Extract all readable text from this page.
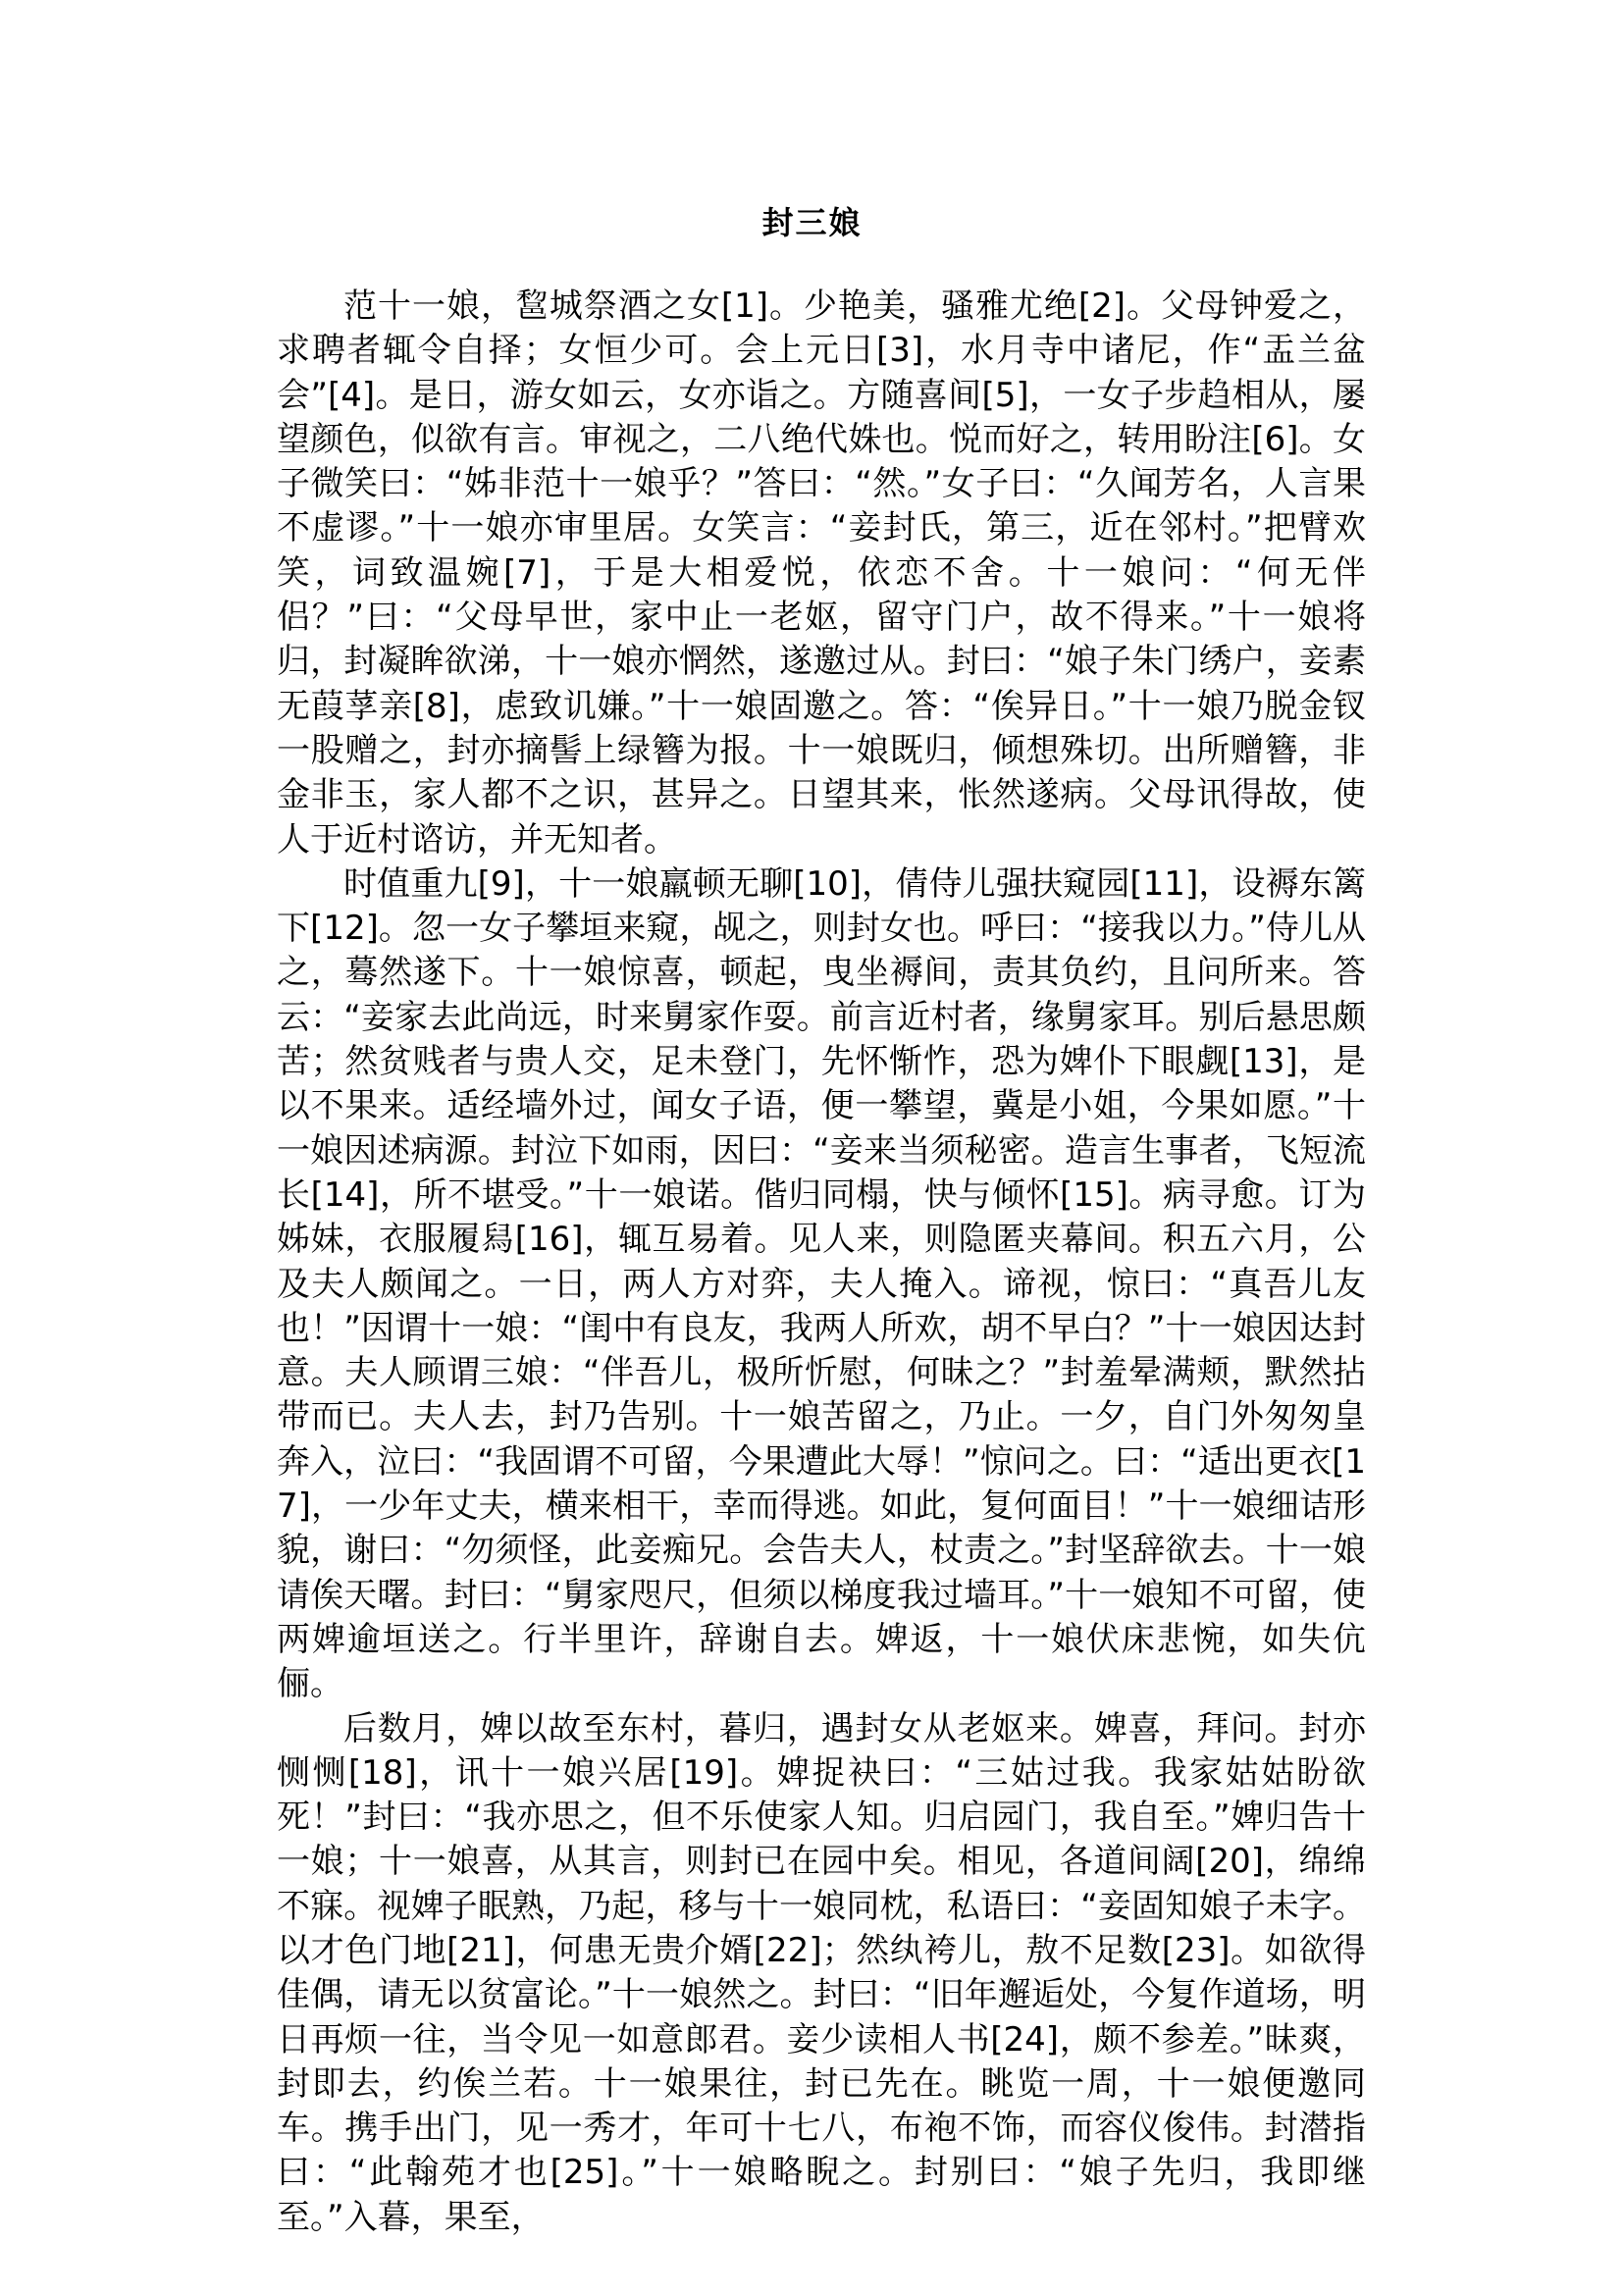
封三娘

范十一娘，𨛫城祭酒之女[1]。少艳美，骚雅尤绝[2]。父母钟爱之，求聘者辄令自择；女恒少可。会上元日[3]，水月寺中诸尼，作“盂兰盆会”[4]。是日，游女如云，女亦诣之。方随喜间[5]，一女子步趋相从，屡望颜色，似欲有言。审视之，二八绝代姝也。悦而好之，转用盼注[6]。女子微笑曰：“姊非范十一娘乎？”答曰：“然。”女子曰：“久闻芳名，人言果不虚谬。”十一娘亦审里居。女笑言：“妾封氏，第三，近在邻村。”把臂欢笑，词致温婉[7]，于是大相爱悦，依恋不舍。十一娘问：“何无伴侣？”曰：“父母早世，家中止一老妪，留守门户，故不得来。”十一娘将归，封凝眸欲涕，十一娘亦惘然，遂邀过从。封曰：“娘子朱门绣户，妾素无葭莩亲[8]，虑致讥嫌。”十一娘固邀之。答：“俟异日。”十一娘乃脱金钗一股赠之，封亦摘髻上绿簪为报。十一娘既归，倾想殊切。出所赠簪，非金非玉，家人都不之识，甚异之。日望其来，怅然遂病。父母讯得故，使人于近村谘访，并无知者。

时值重九[9]，十一娘羸顿无聊[10]，倩侍儿强扶窥园[11]，设褥东篱下[12]。忽一女子攀垣来窥，觇之，则封女也。呼曰：“接我以力。”侍儿从之，蓦然遂下。十一娘惊喜，顿起，曳坐褥间，责其负约，且问所来。答云：“妾家去此尚远，时来舅家作耍。前言近村者，缘舅家耳。别后悬思颇苦；然贫贱者与贵人交，足未登门，先怀惭怍，恐为婢仆下眼觑[13]，是以不果来。适经墙外过，闻女子语，便一攀望，冀是小姐，今果如愿。”十一娘因述病源。封泣下如雨，因曰：“妾来当须秘密。造言生事者，飞短流长[14]，所不堪受。”十一娘诺。偕归同榻，快与倾怀[15]。病寻愈。订为姊妹，衣服履舄[16]，辄互易着。见人来，则隐匿夹幕间。积五六月，公及夫人颇闻之。一日，两人方对弈，夫人掩入。谛视，惊曰：“真吾儿友也！”因谓十一娘：“闺中有良友，我两人所欢，胡不早白？”十一娘因达封意。夫人顾谓三娘：“伴吾儿，极所忻慰，何昧之？”封羞晕满颊，默然拈带而已。夫人去，封乃告别。十一娘苦留之，乃止。一夕，自门外匆匆皇奔入，泣曰：“我固谓不可留，今果遭此大辱！”惊问之。曰：“适出更衣[17]，一少年丈夫，横来相干，幸而得逃。如此，复何面目！”十一娘细诘形貌，谢曰：“勿须怪，此妾痴兄。会告夫人，杖责之。”封坚辞欲去。十一娘请俟天曙。封曰：“舅家咫尺，但须以梯度我过墙耳。”十一娘知不可留，使两婢逾垣送之。行半里许，辞谢自去。婢返，十一娘伏床悲惋，如失伉俪。

后数月，婢以故至东村，暮归，遇封女从老妪来。婢喜，拜问。封亦恻恻[18]，讯十一娘兴居[19]。婢捉袂曰：“三姑过我。我家姑姑盼欲死！”封曰：“我亦思之，但不乐使家人知。归启园门，我自至。”婢归告十一娘；十一娘喜，从其言，则封已在园中矣。相见，各道间阔[20]，绵绵不寐。视婢子眠熟，乃起，移与十一娘同枕，私语曰：“妾固知娘子未字。以才色门地[21]，何患无贵介婿[22]；然纨袴儿，敖不足数[23]。如欲得佳偶，请无以贫富论。”十一娘然之。封曰：“旧年邂逅处，今复作道场，明日再烦一往，当令见一如意郎君。妾少读相人书[24]，颇不参差。”昧爽，封即去，约俟兰若。十一娘果往，封已先在。眺览一周，十一娘便邀同车。携手出门，见一秀才，年可十七八，布袍不饰，而容仪俊伟。封潜指曰：“此翰苑才也[25]。”十一娘略睨之。封别曰：“娘子先归，我即继至。”入暮，果至，
